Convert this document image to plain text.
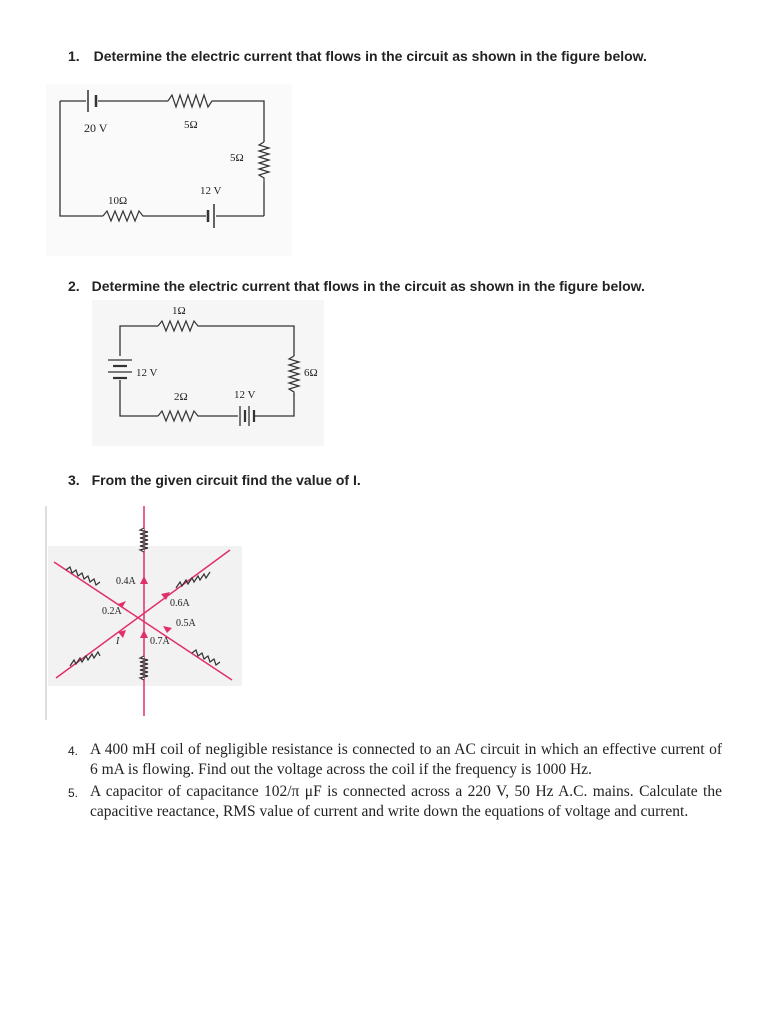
1. Determine the electric current that flows in the circuit as shown in the figure below.
20 V	5Ω
5Ω
12 V
10Ω
2. Determine the electric current that flows in the circuit as shown in the figure below.
1Ω
12 V	6Ω
2Ω	12 V
3. From the given circuit find the value of I.
0.4A
0.6A
0.2A
0.5A
I	0.7A
4. A 400 mH coil of negligible resistance is connected to an AC circuit in which an effective current of 6 mA is flowing. Find out the voltage across the coil if the frequency is 1000 Hz.
5. A capacitor of capacitance 102/π μF is connected across a 220 V, 50 Hz A.C. mains. Calculate the capacitive reactance, RMS value of current and write down the equations of voltage and current.
